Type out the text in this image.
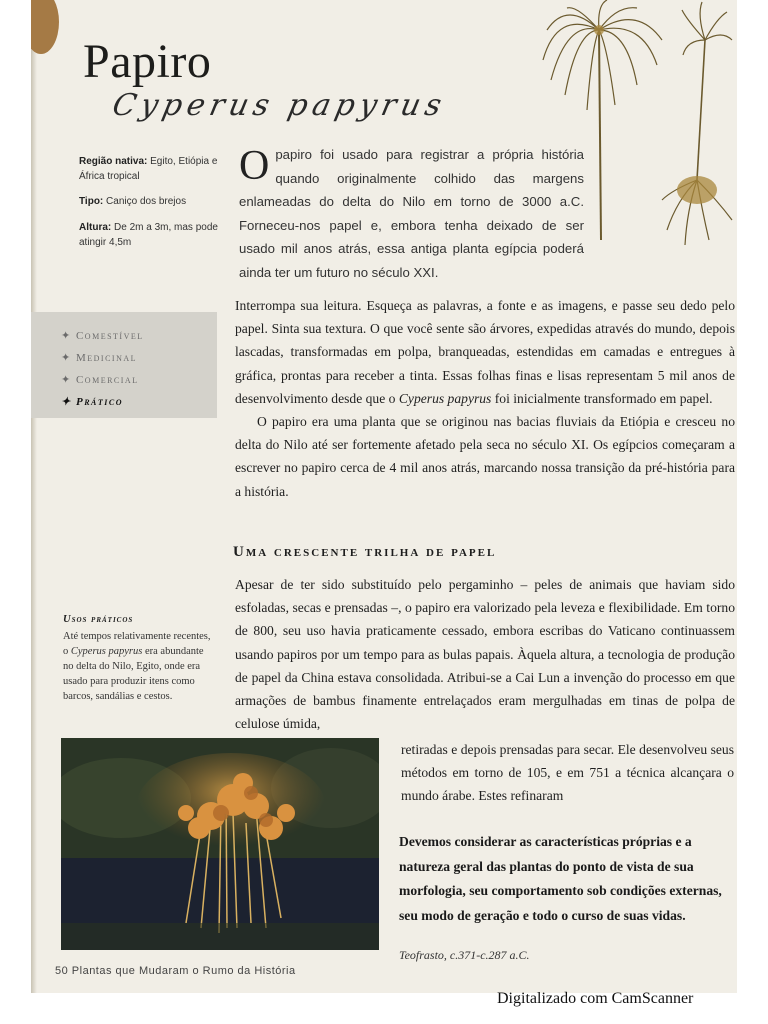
Papiro
Cyperus papyrus
Região nativa: Egito, Etiópia e África tropical
Tipo: Caniço dos brejos
Altura: De 2m a 3m, mas pode atingir 4,5m
Opapiro foi usado para registrar a própria história quando originalmente colhido das margens enlameadas do delta do Nilo em torno de 3000 a.C. Forneceu-nos papel e, embora tenha deixado de ser usado mil anos atrás, essa antiga planta egípcia poderá ainda ter um futuro no século XXI.
✦ Comestível
✦ Medicinal
✦ Comercial
✦ Prático

Interrompa sua leitura. Esqueça as palavras, a fonte e as imagens, e passe seu dedo pelo papel. Sinta sua textura. O que você sente são árvores, expedidas através do mundo, depois lascadas, transformadas em polpa, branqueadas, estendidas em camadas e entregues à gráfica, prontas para receber a tinta. Essas folhas finas e lisas representam 5 mil anos de desenvolvimento desde que o Cyperus papyrus foi inicialmente transformado em papel.

O papiro era uma planta que se originou nas bacias fluviais da Etiópia e cresceu no delta do Nilo até ser fortemente afetado pela seca no século XI. Os egípcios começaram a escrever no papiro cerca de 4 mil anos atrás, marcando nossa transição da pré-história para a história.

Uma crescente trilha de papel
Apesar de ter sido substituído pelo pergaminho – peles de animais que haviam sido esfoladas, secas e prensadas –, o papiro era valorizado pela leveza e flexibilidade. Em torno de 800, seu uso havia praticamente cessado, embora escribas do Vaticano continuassem usando papiros por um tempo para as bulas papais. Àquela altura, a tecnologia de produção de papel da China estava consolidada. Atribui-se a Cai Lun a invenção do processo em que armações de bambus finamente entrelaçados eram mergulhadas em tinas de polpa de celulose úmida,
Usos práticos
Até tempos relativamente recentes, o Cyperus papyrus era abundante no delta do Nilo, Egito, onde era usado para produzir itens como barcos, sandálias e cestos.
retiradas e depois prensadas para secar. Ele desenvolveu seus métodos em torno de 105, e em 751 a técnica alcançara o mundo árabe. Estes refinaram
Devemos considerar as características próprias e a natureza geral das plantas do ponto de vista de sua morfologia, seu comportamento sob condições externas, seu modo de geração e todo o curso de suas vidas.
Teofrasto, c.371-c.287 a.C.
50 Plantas que Mudaram o Rumo da História
Digitalizado com CamScanner
